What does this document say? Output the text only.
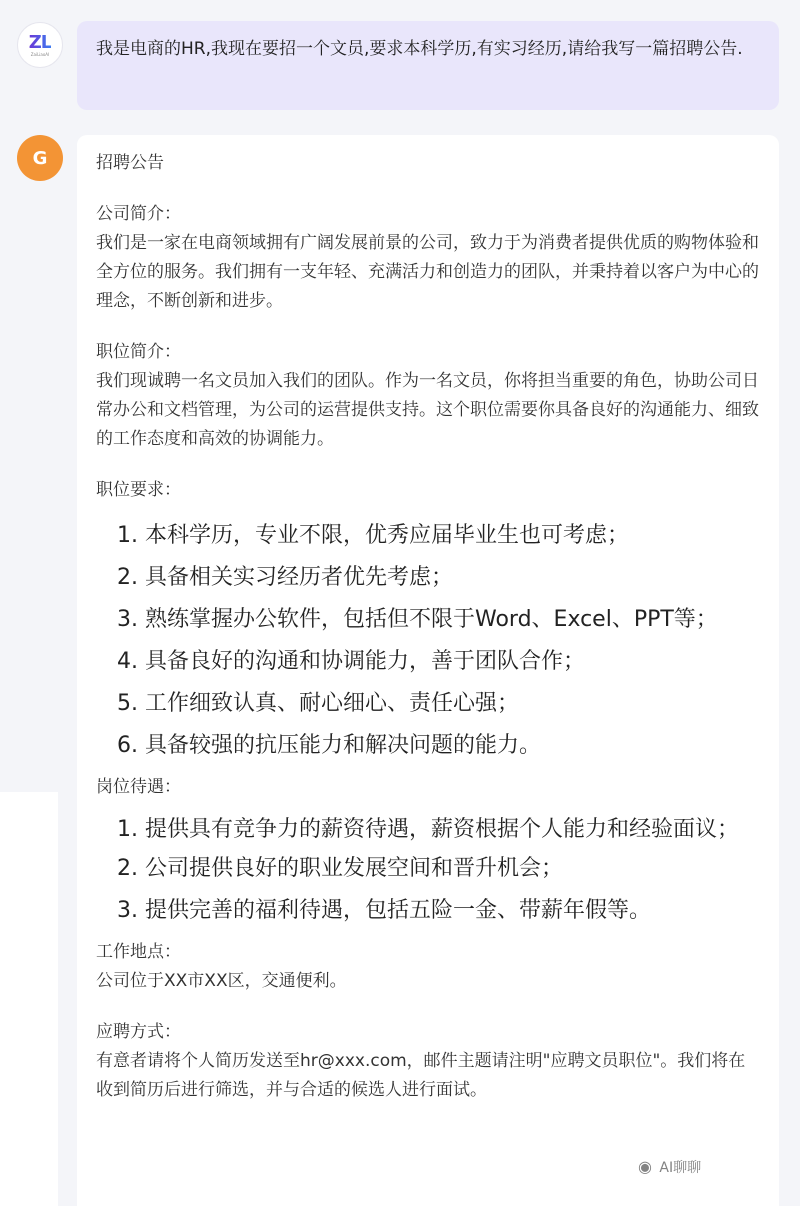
ZL
ZaiLiaoAI	我是电商的HR,我现在要招一个文员,要求本科学历,有实习经历,请给我写一篇招聘公告.

G	招聘公告

公司简介：

我们是一家在电商领域拥有广阔发展前景的公司，致力于为消费者提供优质的购物体验和全方位的服务。我们拥有一支年轻、充满活力和创造力的团队，并秉持着以客户为中心的理念，不断创新和进步。

职位简介：

我们现诚聘一名文员加入我们的团队。作为一名文员，你将担当重要的角色，协助公司日常办公和文档管理，为公司的运营提供支持。这个职位需要你具备良好的沟通能力、细致的工作态度和高效的协调能力。

职位要求：

1. 本科学历，专业不限，优秀应届毕业生也可考虑；
2. 具备相关实习经历者优先考虑；
3. 熟练掌握办公软件，包括但不限于Word、Excel、PPT等；
4. 具备良好的沟通和协调能力，善于团队合作；
5. 工作细致认真、耐心细心、责任心强；
6. 具备较强的抗压能力和解决问题的能力。

岗位待遇：

1. 提供具有竞争力的薪资待遇，薪资根据个人能力和经验面议；
2. 公司提供良好的职业发展空间和晋升机会；
3. 提供完善的福利待遇，包括五险一金、带薪年假等。

工作地点：

公司位于XX市XX区，交通便利。

应聘方式：

有意者请将个人简历发送至hr@xxx.com，邮件主题请注明"应聘文员职位"。我们将在收到简历后进行筛选，并与合适的候选人进行面试。

◉ AI聊聊
